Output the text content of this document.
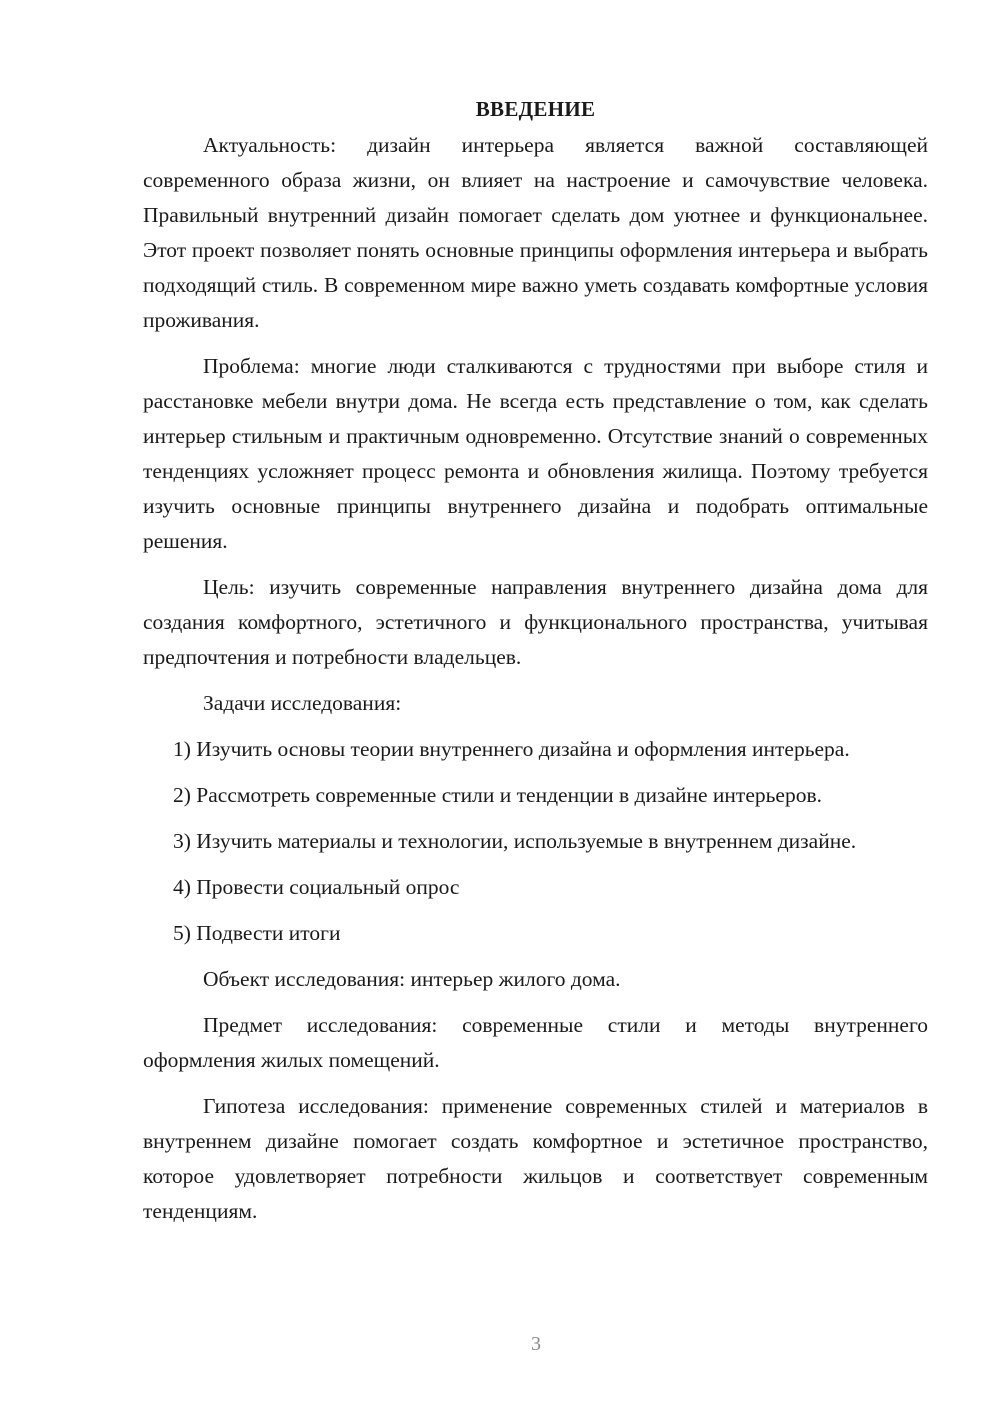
ВВЕДЕНИЕ

Актуальность: дизайн интерьера является важной составляющей современного образа жизни, он влияет на настроение и самочувствие человека. Правильный внутренний дизайн помогает сделать дом уютнее и функциональнее. Этот проект позволяет понять основные принципы оформления интерьера и выбрать подходящий стиль. В современном мире важно уметь создавать комфортные условия проживания.

Проблема: многие люди сталкиваются с трудностями при выборе стиля и расстановке мебели внутри дома. Не всегда есть представление о том, как сделать интерьер стильным и практичным одновременно. Отсутствие знаний о современных тенденциях усложняет процесс ремонта и обновления жилища. Поэтому требуется изучить основные принципы внутреннего дизайна и подобрать оптимальные решения.

Цель: изучить современные направления внутреннего дизайна дома для создания комфортного, эстетичного и функционального пространства, учитывая предпочтения и потребности владельцев.

Задачи исследования:

1) Изучить основы теории внутреннего дизайна и оформления интерьера.

2) Рассмотреть современные стили и тенденции в дизайне интерьеров.

3) Изучить материалы и технологии, используемые в внутреннем дизайне.

4) Провести социальный опрос

5) Подвести итоги

Объект исследования: интерьер жилого дома.

Предмет исследования: современные стили и методы внутреннего оформления жилых помещений.

Гипотеза исследования: применение современных стилей и материалов в внутреннем дизайне помогает создать комфортное и эстетичное пространство, которое удовлетворяет потребности жильцов и соответствует современным тенденциям.

3
